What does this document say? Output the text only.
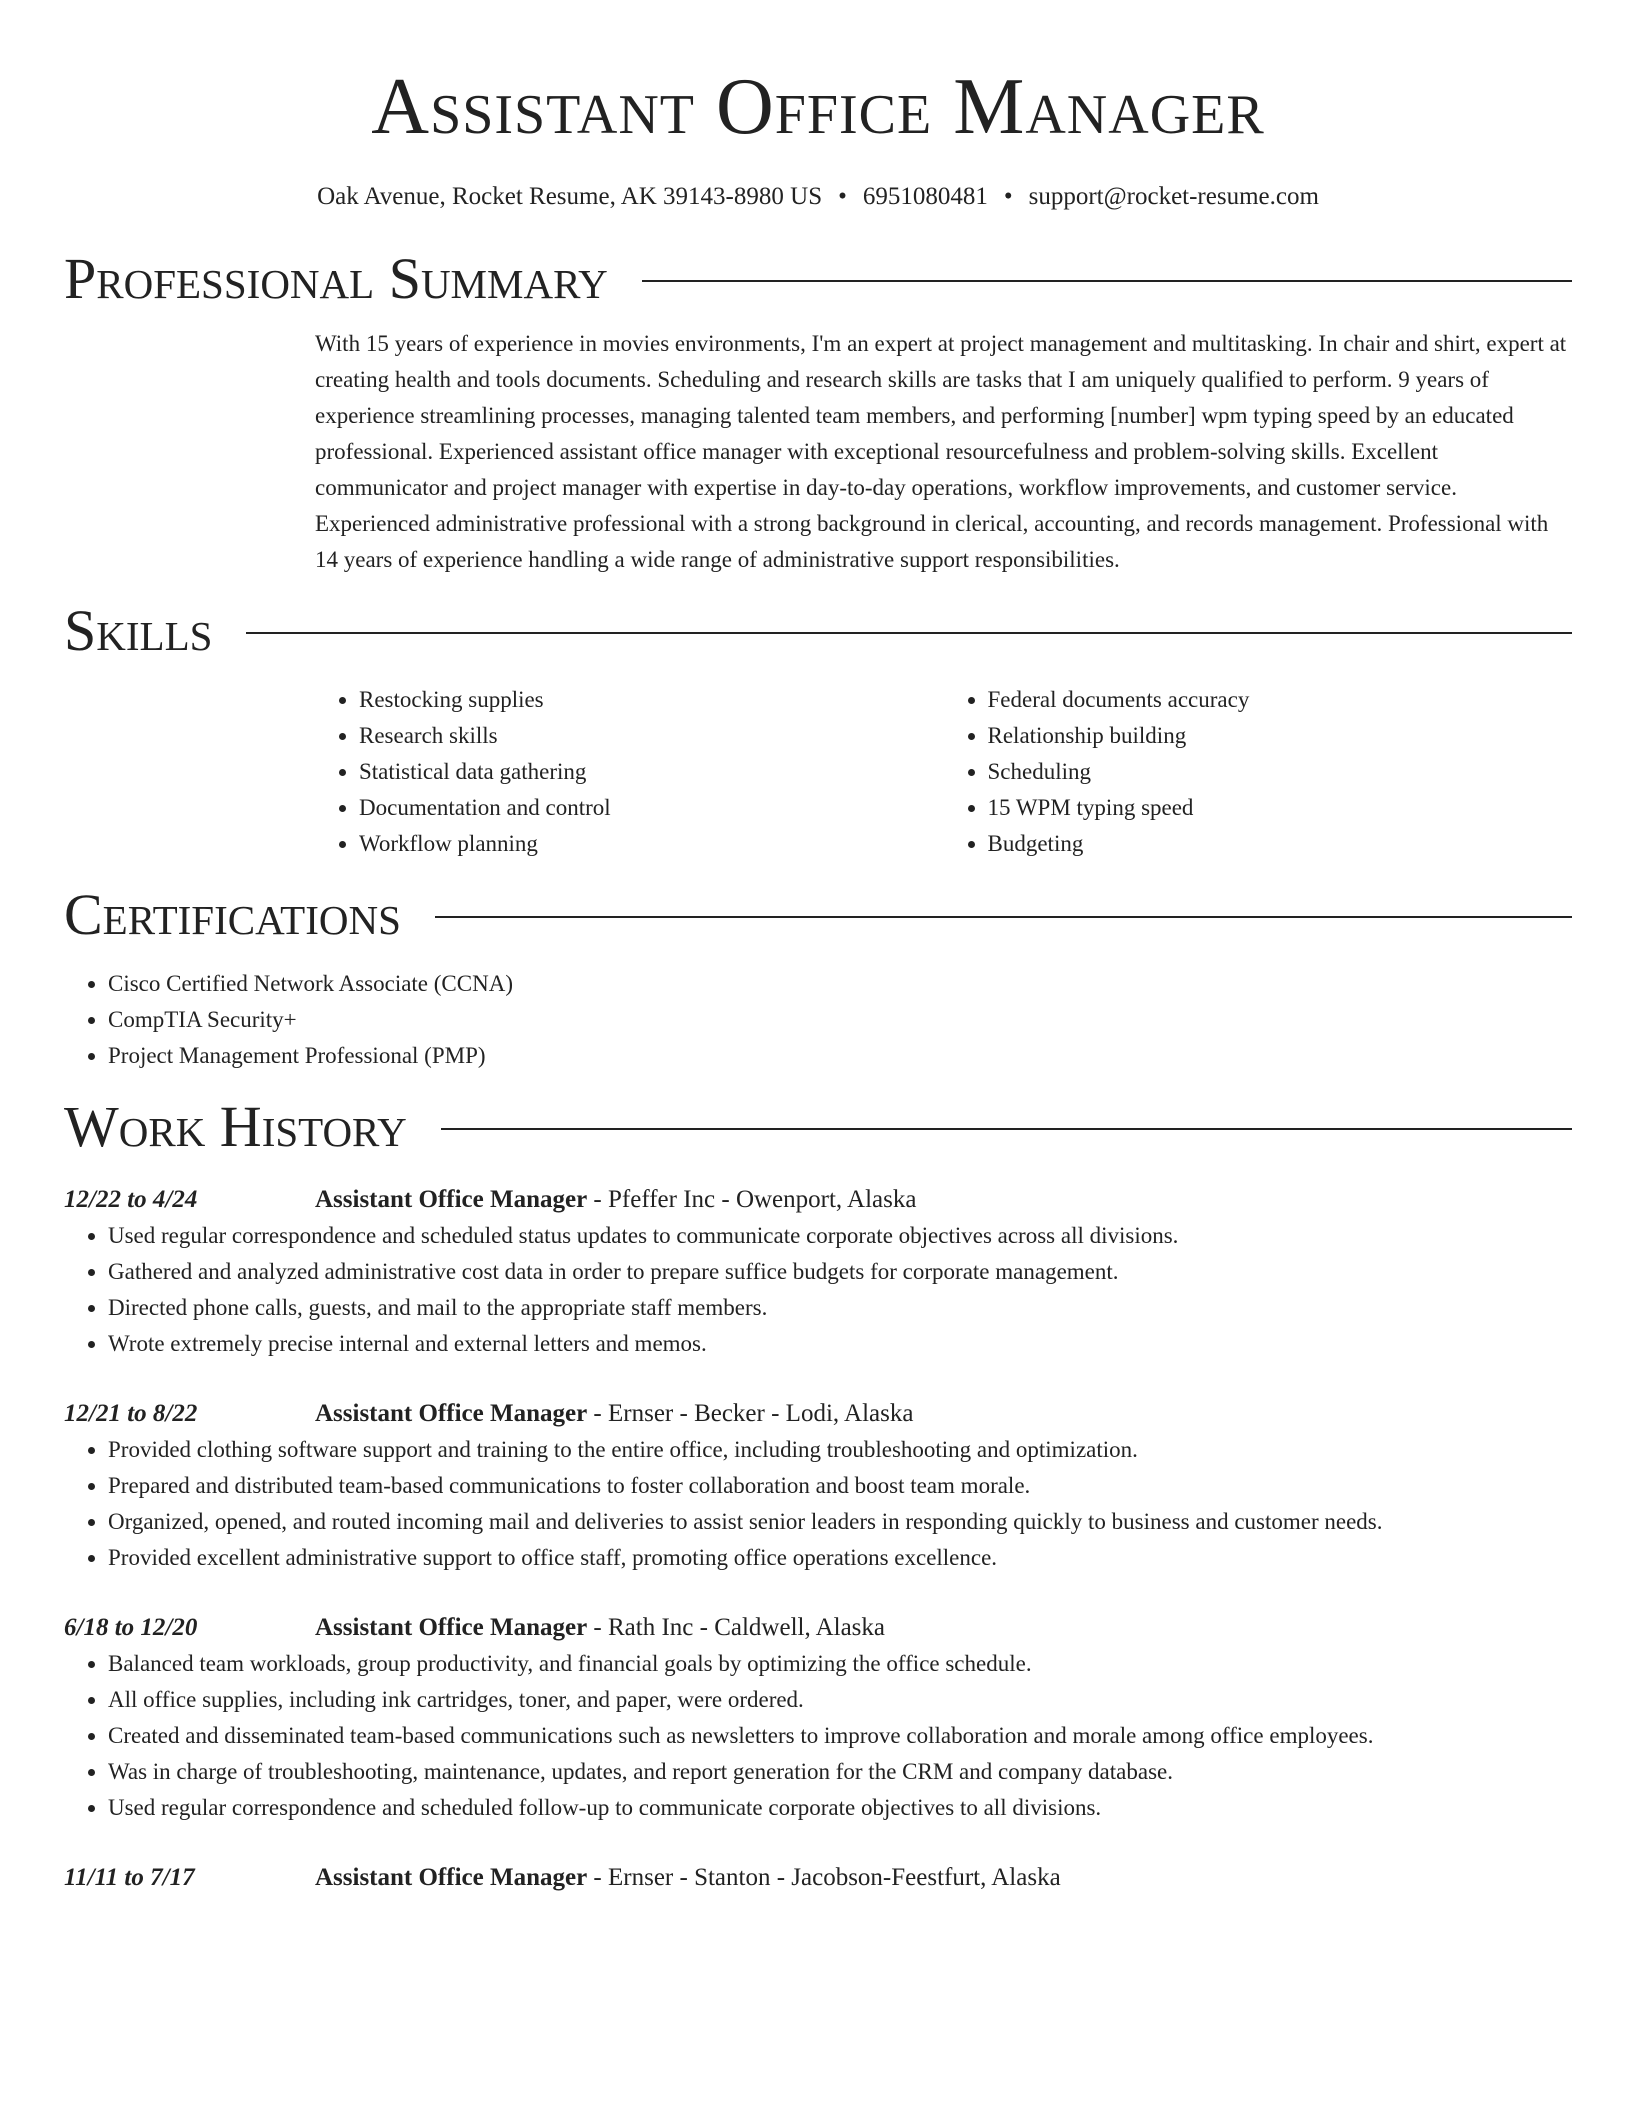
Assistant Office Manager
Oak Avenue, Rocket Resume, AK 39143-8980 US • 6951080481 • support@rocket-resume.com
Professional Summary
With 15 years of experience in movies environments, I'm an expert at project management and multitasking. In chair and shirt, expert at creating health and tools documents. Scheduling and research skills are tasks that I am uniquely qualified to perform. 9 years of experience streamlining processes, managing talented team members, and performing [number] wpm typing speed by an educated professional. Experienced assistant office manager with exceptional resourcefulness and problem-solving skills. Excellent communicator and project manager with expertise in day-to-day operations, workflow improvements, and customer service. Experienced administrative professional with a strong background in clerical, accounting, and records management. Professional with 14 years of experience handling a wide range of administrative support responsibilities.
Skills
• Restocking supplies
• Research skills
• Statistical data gathering
• Documentation and control
• Workflow planning
• Federal documents accuracy
• Relationship building
• Scheduling
• 15 WPM typing speed
• Budgeting
Certifications
• Cisco Certified Network Associate (CCNA)
• CompTIA Security+
• Project Management Professional (PMP)
Work History
12/22 to 4/24	Assistant Office Manager - Pfeffer Inc - Owenport, Alaska
• Used regular correspondence and scheduled status updates to communicate corporate objectives across all divisions.
• Gathered and analyzed administrative cost data in order to prepare suffice budgets for corporate management.
• Directed phone calls, guests, and mail to the appropriate staff members.
• Wrote extremely precise internal and external letters and memos.
12/21 to 8/22	Assistant Office Manager - Ernser - Becker - Lodi, Alaska
• Provided clothing software support and training to the entire office, including troubleshooting and optimization.
• Prepared and distributed team-based communications to foster collaboration and boost team morale.
• Organized, opened, and routed incoming mail and deliveries to assist senior leaders in responding quickly to business and customer needs.
• Provided excellent administrative support to office staff, promoting office operations excellence.
6/18 to 12/20	Assistant Office Manager - Rath Inc - Caldwell, Alaska
• Balanced team workloads, group productivity, and financial goals by optimizing the office schedule.
• All office supplies, including ink cartridges, toner, and paper, were ordered.
• Created and disseminated team-based communications such as newsletters to improve collaboration and morale among office employees.
• Was in charge of troubleshooting, maintenance, updates, and report generation for the CRM and company database.
• Used regular correspondence and scheduled follow-up to communicate corporate objectives to all divisions.
11/11 to 7/17	Assistant Office Manager - Ernser - Stanton - Jacobson-Feestfurt, Alaska
